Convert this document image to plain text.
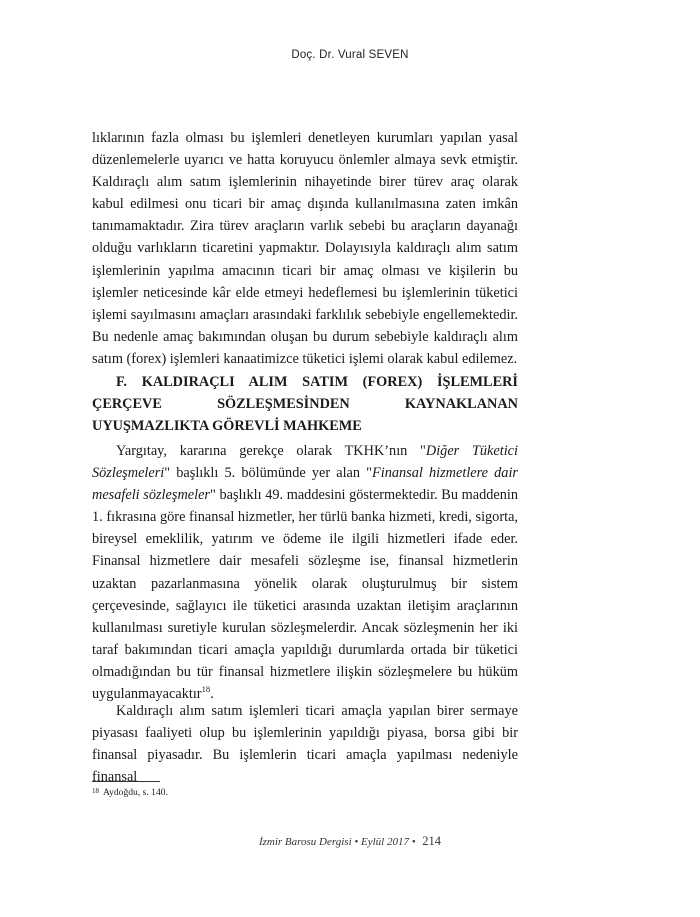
Doç. Dr. Vural SEVEN

lıklarının fazla olması bu işlemleri denetleyen kurumları yapılan yasal düzenlemelerle uyarıcı ve hatta koruyucu önlemler almaya sevk etmiştir. Kaldıraçlı alım satım işlemlerinin nihayetinde birer türev araç olarak kabul edilmesi onu ticari bir amaç dışında kullanılmasına zaten imkân tanımamaktadır. Zira türev araçların varlık sebebi bu araçların dayanağı olduğu varlıkların ticaretini yapmaktır. Dolayısıyla kaldıraçlı alım satım işlemlerinin yapılma amacının ticari bir amaç olması ve kişilerin bu işlemler neticesinde kâr elde etmeyi hedeflemesi bu işlemlerinin tüketici işlemi sayılmasını amaçları arasındaki farklılık sebebiyle engellemektedir. Bu nedenle amaç bakımından oluşan bu durum sebebiyle kaldıraçlı alım satım (forex) işlemleri kanaatimizce tüketici işlemi olarak kabul edilemez.

F. KALDIRAÇLI ALIM SATIM (FOREX) İŞLEMLERİ ÇERÇEVE SÖZLEŞMESİNDEN KAYNAKLANAN UYUŞMAZLIKTA GÖREVLİ MAHKEME

Yargıtay, kararına gerekçe olarak TKHK’nın "Diğer Tüketici Sözleşmeleri" başlıklı 5. bölümünde yer alan "Finansal hizmetlere dair mesafeli sözleşmeler" başlıklı 49. maddesini göstermektedir. Bu maddenin 1. fıkrasına göre finansal hizmetler, her türlü banka hizmeti, kredi, sigorta, bireysel emeklilik, yatırım ve ödeme ile ilgili hizmetleri ifade eder. Finansal hizmetlere dair mesafeli sözleşme ise, finansal hizmetlerin uzaktan pazarlanmasına yönelik olarak oluşturulmuş bir sistem çerçevesinde, sağlayıcı ile tüketici arasında uzaktan iletişim araçlarının kullanılması suretiyle kurulan sözleşmelerdir. Ancak sözleşmenin her iki taraf bakımından ticari amaçla yapıldığı durumlarda ortada bir tüketici olmadığından bu tür finansal hizmetlere ilişkin sözleşmelere bu hüküm uygulanmayacaktır$^{18}$.

Kaldıraçlı alım satım işlemleri ticari amaçla yapılan birer sermaye piyasası faaliyeti olup bu işlemlerinin yapıldığı piyasa, borsa gibi bir finansal piyasadır. Bu işlemlerin ticari amaçla yapılması nedeniyle finansal

$^{18}$ Aydoğdu, s. 140.
İzmir Barosu Dergisi • Eylül 2017 • 214
